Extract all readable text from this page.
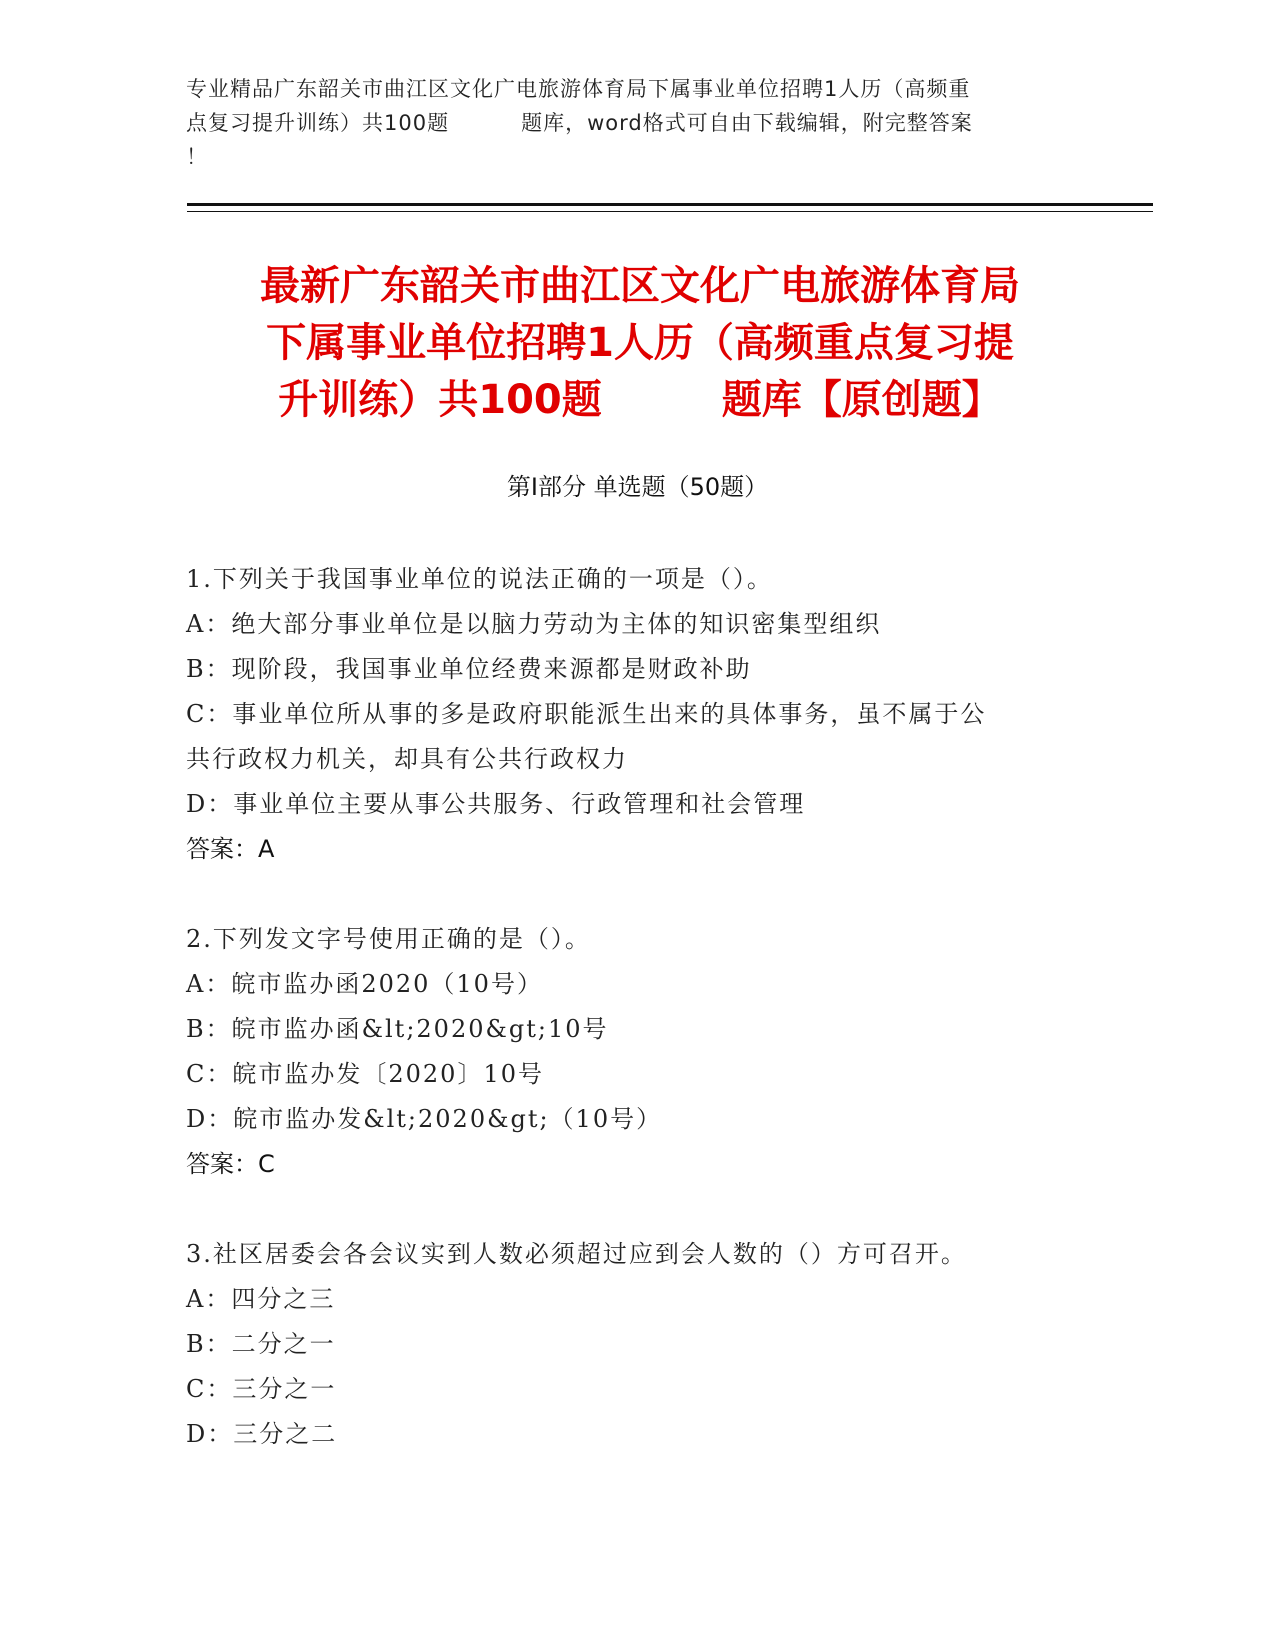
专业精品广东韶关市曲江区文化广电旅游体育局下属事业单位招聘1人历（高频重
点复习提升训练）共100题	题库，word格式可自由下载编辑，附完整答案
！
最新广东韶关市曲江区文化广电旅游体育局
下属事业单位招聘1人历（高频重点复习提
升训练）共100题	题库【原创题】
第Ⅰ部分 单选题（50题）

1.下列关于我国事业单位的说法正确的一项是（）。

A：绝大部分事业单位是以脑力劳动为主体的知识密集型组织

B：现阶段，我国事业单位经费来源都是财政补助

C：事业单位所从事的多是政府职能派生出来的具体事务，虽不属于公

共行政权力机关，却具有公共行政权力

D：事业单位主要从事公共服务、行政管理和社会管理

答案：A

2.下列发文字号使用正确的是（）。

A：皖市监办函2020（10号）

B：皖市监办函&lt;2020&gt;10号

C：皖市监办发〔2020〕10号

D：皖市监办发&lt;2020&gt;（10号）

答案：C

3.社区居委会各会议实到人数必须超过应到会人数的（）方可召开。

A：四分之三

B：二分之一

C：三分之一

D：三分之二
